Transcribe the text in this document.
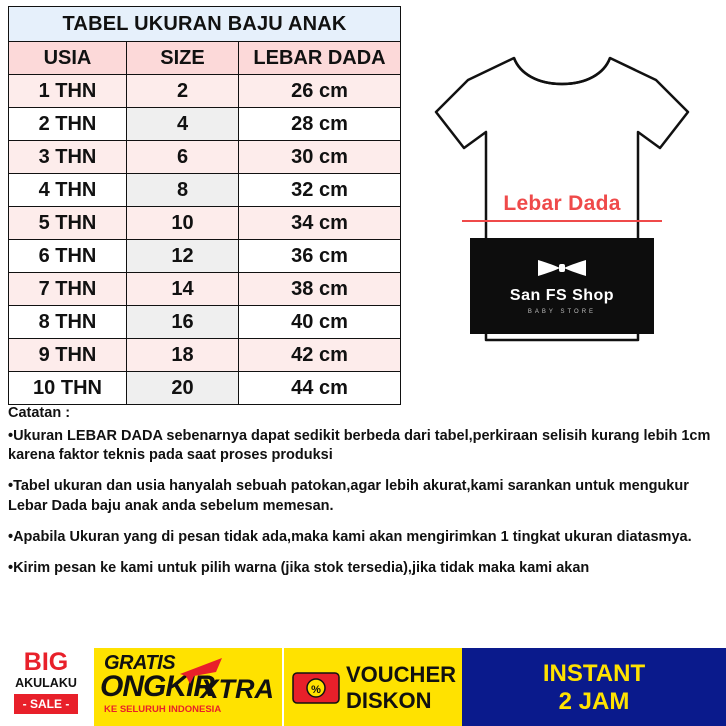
TABEL UKURAN BAJU ANAK		
USIA	SIZE	LEBAR DADA
1 THN	2	26 cm
2 THN	4	28 cm
3 THN	6	30 cm
4 THN	8	32 cm
5 THN	10	34 cm
6 THN	12	36 cm
7 THN	14	38 cm
8 THN	16	40 cm
9 THN	18	42 cm
10 THN	20	44 cm
Lebar Dada
San FS Shop
BABY STORE

Catatan :

•Ukuran LEBAR DADA sebenarnya dapat sedikit berbeda dari tabel,perkiraan selisih kurang lebih 1cm karena faktor teknis pada saat proses produksi

•Tabel ukuran dan usia hanyalah sebuah patokan,agar lebih akurat,kami sarankan untuk mengukur Lebar Dada baju anak anda sebelum memesan.

•Apabila Ukuran yang di pesan tidak ada,maka kami akan mengirimkan 1 tingkat ukuran diatasmya.

•Kirim pesan ke kami untuk pilih warna (jika stok tersedia),jika tidak maka kami akan

BIG
AKULAKU
- SALE -
GRATIS
ONGKIR
KE SELURUH INDONESIA
XTRA	%
VOUCHER
DISKON
INSTANT
2 JAM
